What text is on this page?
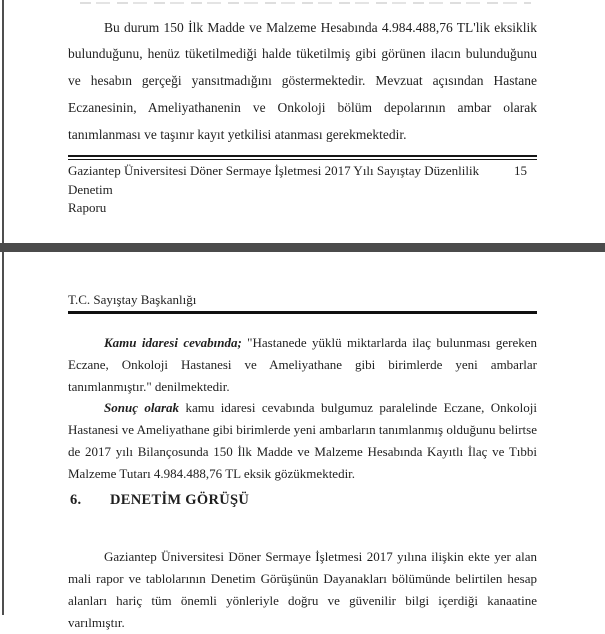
Bu durum 150 İlk Madde ve Malzeme Hesabında 4.984.488,76 TL'lik eksiklik bulunduğunu, henüz tüketilmediği halde tüketilmiş gibi görünen ilacın bulunduğunu ve hesabın gerçeği yansıtmadığını göstermektedir. Mevzuat açısından Hastane Eczanesinin, Ameliyathanenin ve Onkoloji bölüm depolarının ambar olarak tanımlanması ve taşınır kayıt yetkilisi atanması gerekmektedir.

Gaziantep Üniversitesi Döner Sermaye İşletmesi 2017 Yılı Sayıştay Düzenlilik Denetim
Raporu
15
T.C. Sayıştay Başkanlığı

Kamu idaresi cevabında; "Hastanede yüklü miktarlarda ilaç bulunması gereken Eczane, Onkoloji Hastanesi ve Ameliyathane gibi birimlerde yeni ambarlar tanımlanmıştır." denilmektedir.

Sonuç olarak kamu idaresi cevabında bulgumuz paralelinde Eczane, Onkoloji Hastanesi ve Ameliyathane gibi birimlerde yeni ambarların tanımlanmış olduğunu belirtse de 2017 yılı Bilançosunda 150 İlk Madde ve Malzeme Hesabında Kayıtlı İlaç ve Tıbbi Malzeme Tutarı 4.984.488,76 TL eksik gözükmektedir.

6. DENETİM GÖRÜŞÜ

Gaziantep Üniversitesi Döner Sermaye İşletmesi 2017 yılına ilişkin ekte yer alan mali rapor ve tablolarının Denetim Görüşünün Dayanakları bölümünde belirtilen hesap alanları hariç tüm önemli yönleriyle doğru ve güvenilir bilgi içerdiği kanaatine varılmıştır.
